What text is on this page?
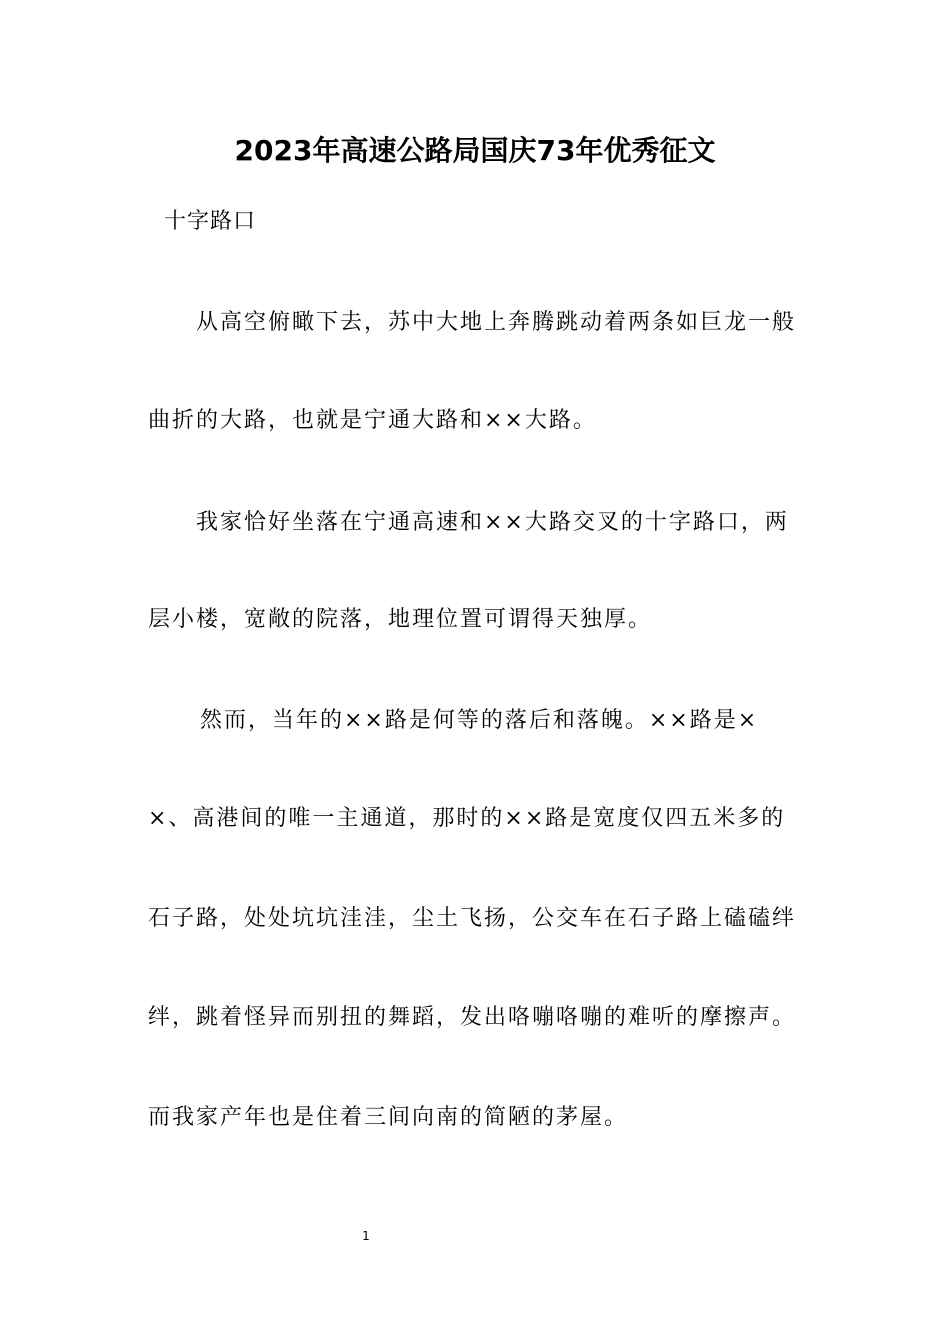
2023年高速公路局国庆73年优秀征文
十字路口
从高空俯瞰下去，苏中大地上奔腾跳动着两条如巨龙一般
曲折的大路，也就是宁通大路和××大路。
我家恰好坐落在宁通高速和××大路交叉的十字路口，两
层小楼，宽敞的院落，地理位置可谓得天独厚。
然而，当年的××路是何等的落后和落魄。××路是×
×、高港间的唯一主通道，那时的××路是宽度仅四五米多的
石子路，处处坑坑洼洼，尘土飞扬，公交车在石子路上磕磕绊
绊，跳着怪异而别扭的舞蹈，发出咯嘣咯嘣的难听的摩擦声。
而我家产年也是住着三间向南的简陋的茅屋。
1
